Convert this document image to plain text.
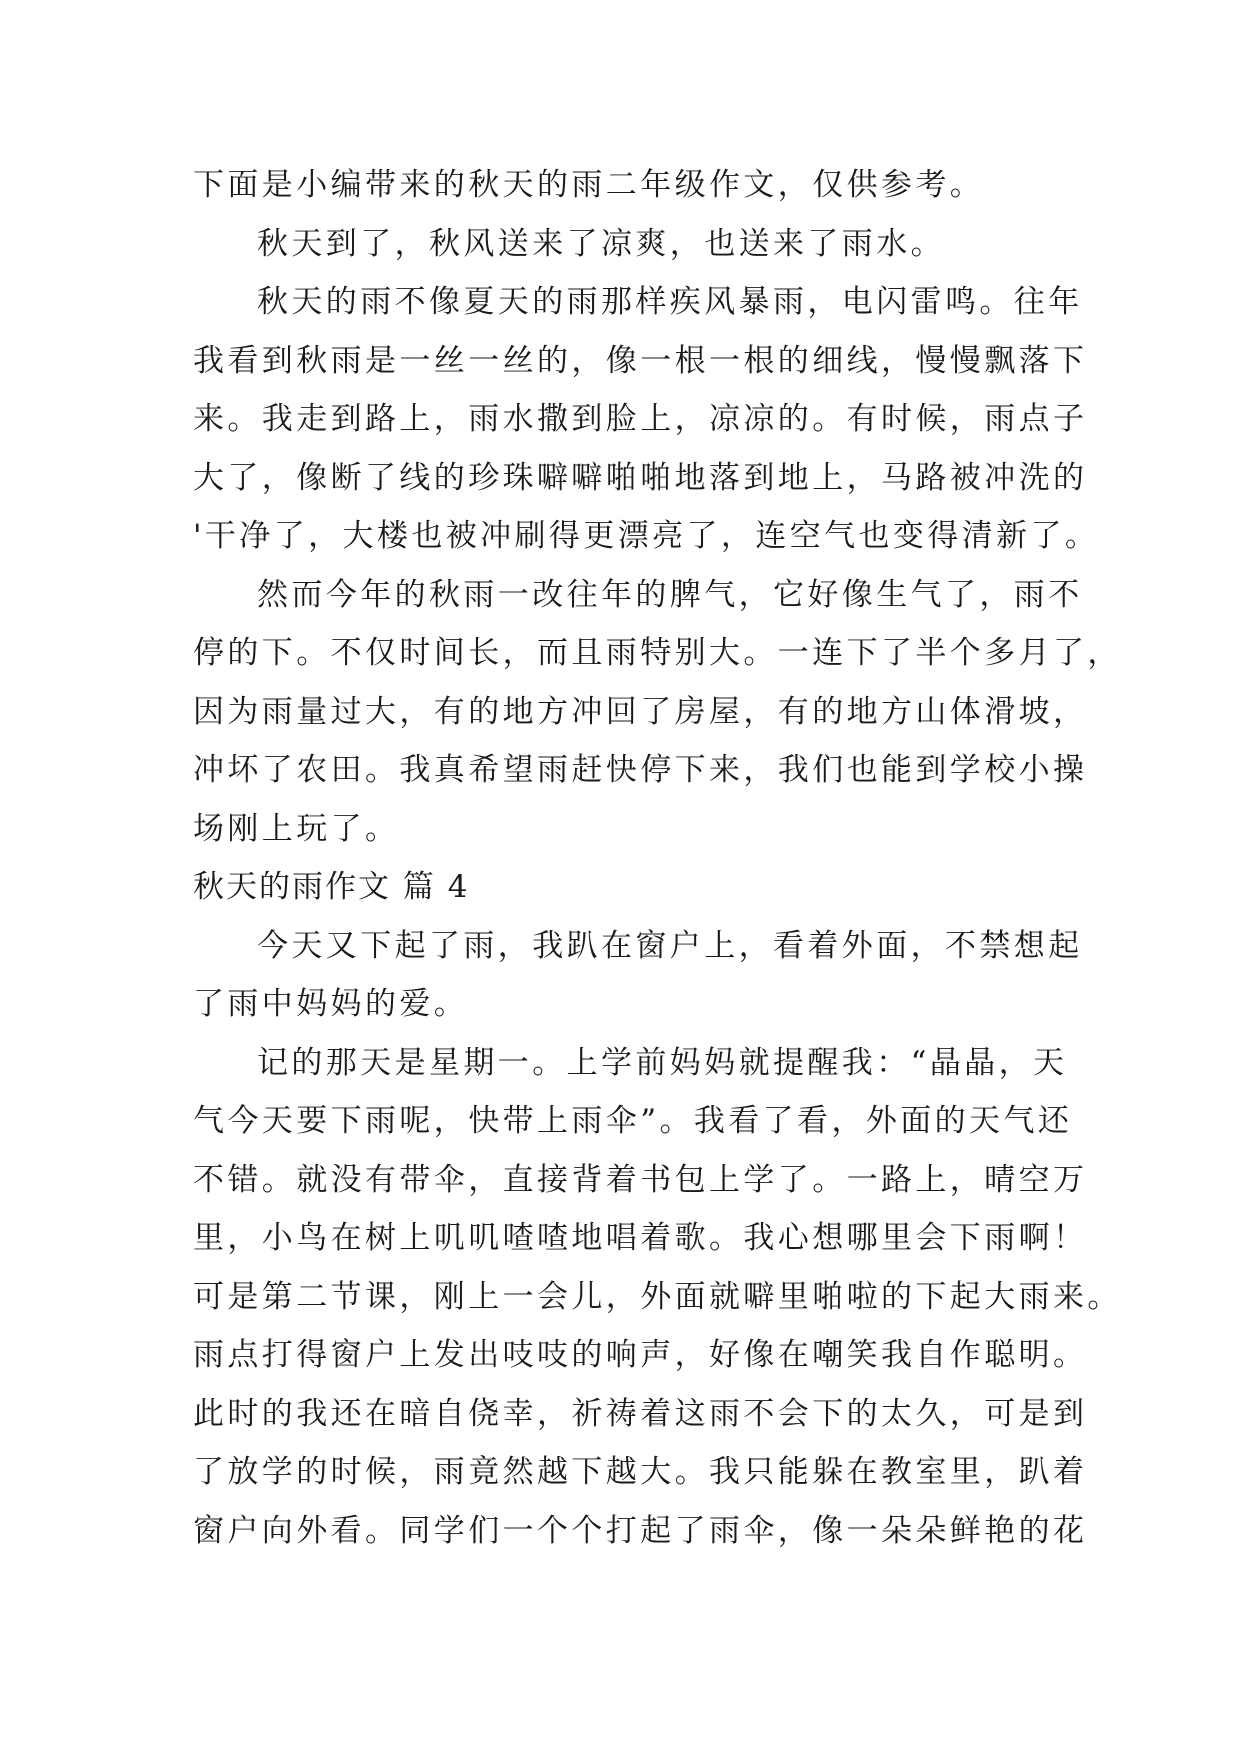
下面是小编带来的秋天的雨二年级作文，仅供参考。
秋天到了，秋风送来了凉爽，也送来了雨水。
秋天的雨不像夏天的雨那样疾风暴雨，电闪雷鸣。往年
我看到秋雨是一丝一丝的，像一根一根的细线，慢慢飘落下
来。我走到路上，雨水撒到脸上，凉凉的。有时候，雨点子
大了，像断了线的珍珠噼噼啪啪地落到地上，马路被冲洗的
'干净了，大楼也被冲刷得更漂亮了，连空气也变得清新了。
然而今年的秋雨一改往年的脾气，它好像生气了，雨不
停的下。不仅时间长，而且雨特别大。一连下了半个多月了，
因为雨量过大，有的地方冲回了房屋，有的地方山体滑坡，
冲坏了农田。我真希望雨赶快停下来，我们也能到学校小操
场刚上玩了。
秋天的雨作文 篇 4
今天又下起了雨，我趴在窗户上，看着外面，不禁想起
了雨中妈妈的爱。
记的那天是星期一。上学前妈妈就提醒我：“晶晶，天
气今天要下雨呢，快带上雨伞”。我看了看，外面的天气还
不错。就没有带伞，直接背着书包上学了。一路上，晴空万
里，小鸟在树上叽叽喳喳地唱着歌。我心想哪里会下雨啊！
可是第二节课，刚上一会儿，外面就噼里啪啦的下起大雨来。
雨点打得窗户上发出吱吱的响声，好像在嘲笑我自作聪明。
此时的我还在暗自侥幸，祈祷着这雨不会下的太久，可是到
了放学的时候，雨竟然越下越大。我只能躲在教室里，趴着
窗户向外看。同学们一个个打起了雨伞，像一朵朵鲜艳的花
